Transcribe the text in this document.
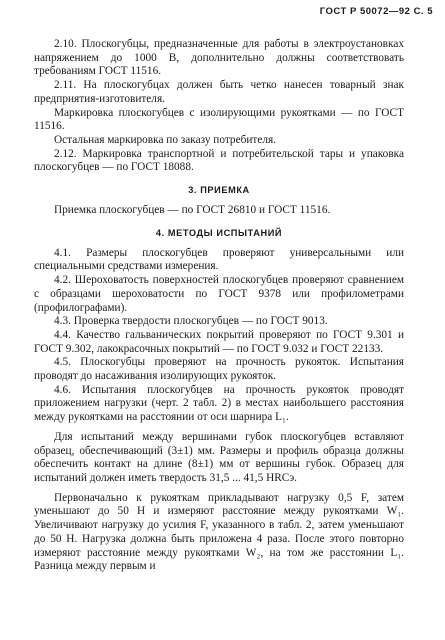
ГОСТ Р 50072—92 С. 5

2.10. Плоскогубцы, предназначенные для работы в электроустановках напряжением до 1000 В, дополнительно должны соответствовать требованиям ГОСТ 11516.

2.11. На плоскогубцах должен быть четко нанесен товарный знак предприятия-изготовителя.

Маркировка плоскогубцев с изолирующими рукоятками — по ГОСТ 11516.

Остальная маркировка по заказу потребителя.

2.12. Маркировка транспортной и потребительской тары и упаковка плоскогубцев — по ГОСТ 18088.

3. ПРИЕМКА

Приемка плоскогубцев — по ГОСТ 26810 и ГОСТ 11516.

4. МЕТОДЫ ИСПЫТАНИЙ

4.1. Размеры плоскогубцев проверяют универсальными или специальными средствами измерения.

4.2. Шероховатость поверхностей плоскогубцев проверяют сравнением с образцами шероховатости по ГОСТ 9378 или профилометрами (профилографами).

4.3. Проверка твердости плоскогубцев — по ГОСТ 9013.

4.4. Качество гальванических покрытий проверяют по ГОСТ 9.301 и ГОСТ 9.302, лакокрасочных покрытий — по ГОСТ 9.032 и ГОСТ 22133.

4.5. Плоскогубцы проверяют на прочность рукояток. Испытания проводят до насаживания изолирующих рукояток.

4.6. Испытания плоскогубцев на прочность рукояток проводят приложением нагрузки (черт. 2 табл. 2) в местах наибольшего расстояния между рукоятками на расстоянии от оси шарнира L₁.

Для испытаний между вершинами губок плоскогубцев вставляют образец, обеспечивающий (3±1) мм. Размеры и профиль образца должны обеспечить контакт на длине (8±1) мм от вершины губок. Образец для испытаний должен иметь твердость 31,5 ... 41,5 HRCэ.

Первоначально к рукояткам прикладывают нагрузку 0,5 F, затем уменьшают до 50 Н и измеряют расстояние между рукоятками W₁. Увеличивают нагрузку до усилия F, указанного в табл. 2, затем уменьшают до 50 Н. Нагрузка должна быть приложена 4 раза. После этого повторно измеряют расстояние между рукоятками W₂, на том же расстоянии L₁. Разница между первым и
